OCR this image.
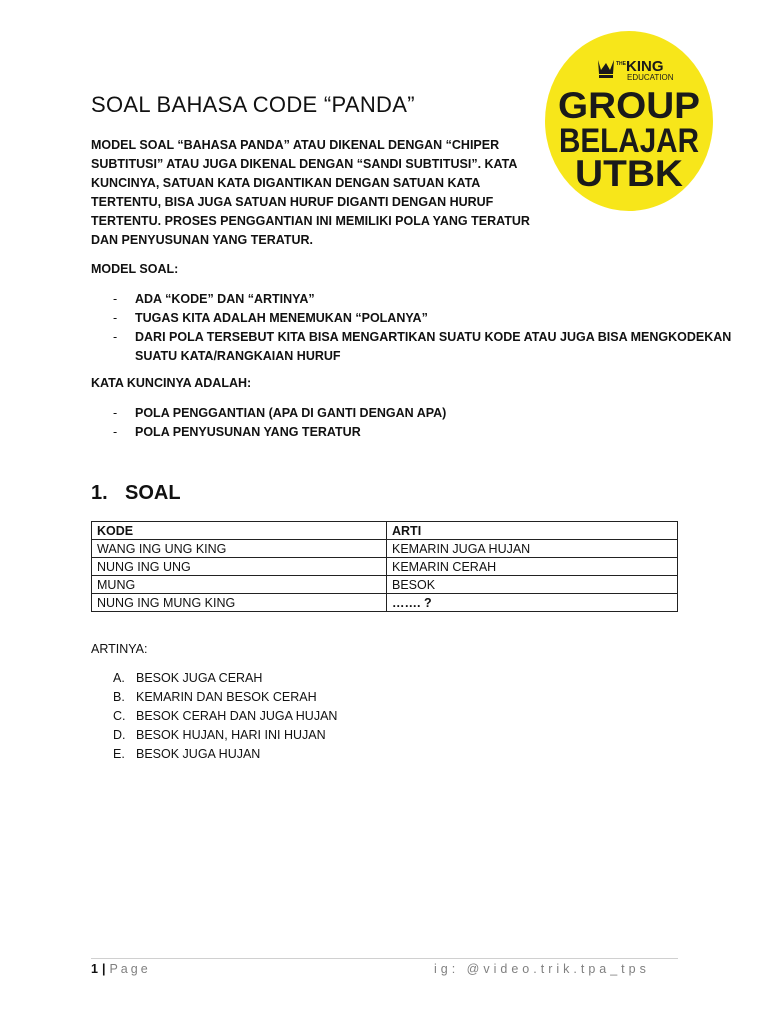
SOAL BAHASA CODE “PANDA”

MODEL SOAL “BAHASA PANDA” ATAU DIKENAL DENGAN “CHIPER SUBTITUSI” ATAU JUGA DIKENAL DENGAN “SANDI SUBTITUSI”. KATA KUNCINYA, SATUAN KATA DIGANTIKAN DENGAN SATUAN KATA TERTENTU, BISA JUGA SATUAN HURUF DIGANTI DENGAN HURUF TERTENTU. PROSES PENGGANTIAN INI MEMILIKI POLA YANG TERATUR DAN PENYUSUNAN YANG TERATUR.

MODEL SOAL:

- ADA “KODE” DAN “ARTINYA”
- TUGAS KITA ADALAH MENEMUKAN “POLANYA”
- DARI POLA TERSEBUT KITA BISA MENGARTIKAN SUATU KODE ATAU JUGA BISA MENGKODEKAN SUATU KATA/RANGKAIAN HURUF

KATA KUNCINYA ADALAH:

- POLA PENGGANTIAN (APA DI GANTI DENGAN APA)
- POLA PENYUSUNAN YANG TERATUR
1. SOAL
KODE	ARTI
WANG ING UNG KING	KEMARIN JUGA HUJAN
NUNG ING UNG	KEMARIN CERAH
MUNG	BESOK
NUNG ING MUNG KING	……. ?

ARTINYA:

A. BESOK JUGA CERAH
B. KEMARIN DAN BESOK CERAH
C. BESOK CERAH DAN JUGA HUJAN
D. BESOK HUJAN, HARI INI HUJAN
E. BESOK JUGA HUJAN
THE KING
EDUCATION
GROUP
BELAJAR
UTBK
1 | Page	ig: @video.trik.tpa_tps
